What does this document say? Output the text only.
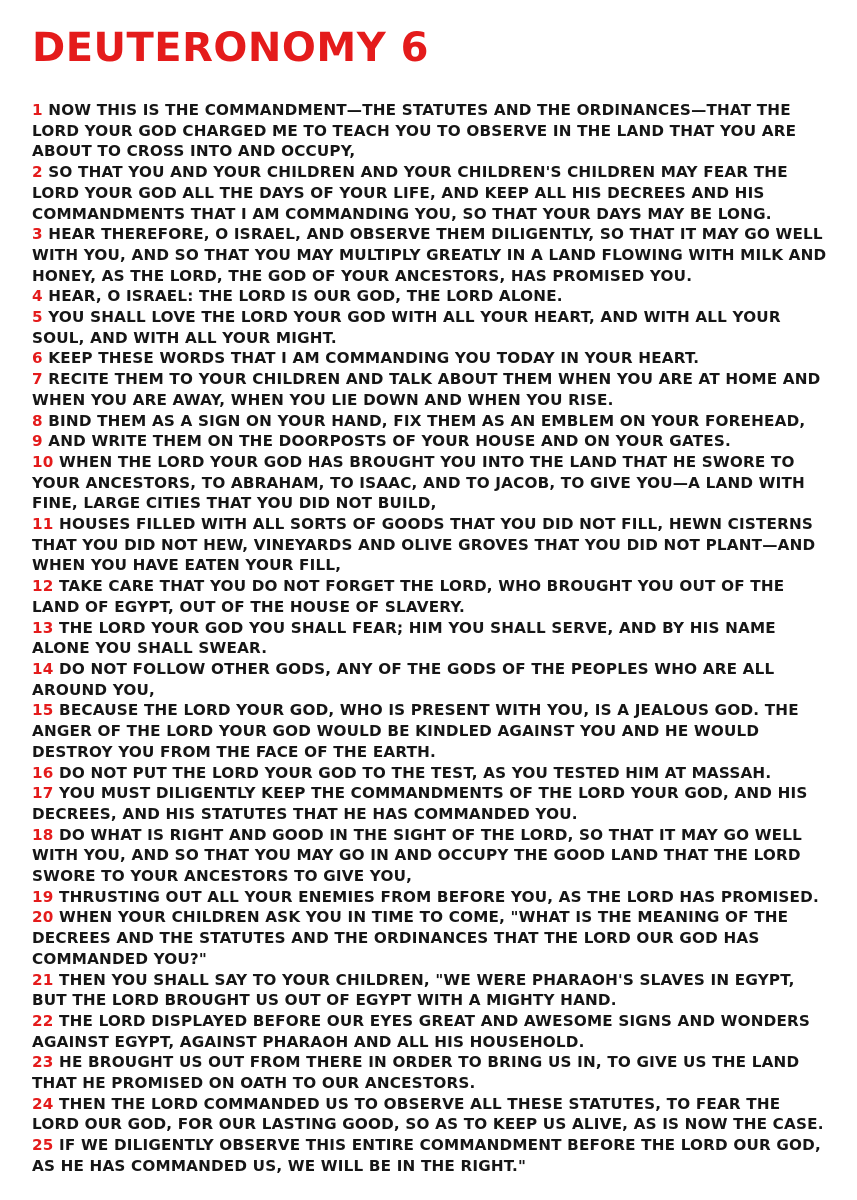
DEUTERONOMY 6
1 NOW THIS IS THE COMMANDMENT—THE STATUTES AND THE ORDINANCES—THAT THE LORD YOUR GOD CHARGED ME TO TEACH YOU TO OBSERVE IN THE LAND THAT YOU ARE ABOUT TO CROSS INTO AND OCCUPY,
2 SO THAT YOU AND YOUR CHILDREN AND YOUR CHILDREN'S CHILDREN MAY FEAR THE LORD YOUR GOD ALL THE DAYS OF YOUR LIFE, AND KEEP ALL HIS DECREES AND HIS COMMANDMENTS THAT I AM COMMANDING YOU, SO THAT YOUR DAYS MAY BE LONG.
3 HEAR THEREFORE, O ISRAEL, AND OBSERVE THEM DILIGENTLY, SO THAT IT MAY GO WELL WITH YOU, AND SO THAT YOU MAY MULTIPLY GREATLY IN A LAND FLOWING WITH MILK AND HONEY, AS THE LORD, THE GOD OF YOUR ANCESTORS, HAS PROMISED YOU.
4 HEAR, O ISRAEL: THE LORD IS OUR GOD, THE LORD ALONE.
5 YOU SHALL LOVE THE LORD YOUR GOD WITH ALL YOUR HEART, AND WITH ALL YOUR SOUL, AND WITH ALL YOUR MIGHT.
6 KEEP THESE WORDS THAT I AM COMMANDING YOU TODAY IN YOUR HEART.
7 RECITE THEM TO YOUR CHILDREN AND TALK ABOUT THEM WHEN YOU ARE AT HOME AND WHEN YOU ARE AWAY, WHEN YOU LIE DOWN AND WHEN YOU RISE.
8 BIND THEM AS A SIGN ON YOUR HAND, FIX THEM AS AN EMBLEM ON YOUR FOREHEAD,
9 AND WRITE THEM ON THE DOORPOSTS OF YOUR HOUSE AND ON YOUR GATES.
10 WHEN THE LORD YOUR GOD HAS BROUGHT YOU INTO THE LAND THAT HE SWORE TO YOUR ANCESTORS, TO ABRAHAM, TO ISAAC, AND TO JACOB, TO GIVE YOU—A LAND WITH FINE, LARGE CITIES THAT YOU DID NOT BUILD,
11 HOUSES FILLED WITH ALL SORTS OF GOODS THAT YOU DID NOT FILL, HEWN CISTERNS THAT YOU DID NOT HEW, VINEYARDS AND OLIVE GROVES THAT YOU DID NOT PLANT—AND WHEN YOU HAVE EATEN YOUR FILL,
12 TAKE CARE THAT YOU DO NOT FORGET THE LORD, WHO BROUGHT YOU OUT OF THE LAND OF EGYPT, OUT OF THE HOUSE OF SLAVERY.
13 THE LORD YOUR GOD YOU SHALL FEAR; HIM YOU SHALL SERVE, AND BY HIS NAME ALONE YOU SHALL SWEAR.
14 DO NOT FOLLOW OTHER GODS, ANY OF THE GODS OF THE PEOPLES WHO ARE ALL AROUND YOU,
15 BECAUSE THE LORD YOUR GOD, WHO IS PRESENT WITH YOU, IS A JEALOUS GOD. THE ANGER OF THE LORD YOUR GOD WOULD BE KINDLED AGAINST YOU AND HE WOULD DESTROY YOU FROM THE FACE OF THE EARTH.
16 DO NOT PUT THE LORD YOUR GOD TO THE TEST, AS YOU TESTED HIM AT MASSAH.
17 YOU MUST DILIGENTLY KEEP THE COMMANDMENTS OF THE LORD YOUR GOD, AND HIS DECREES, AND HIS STATUTES THAT HE HAS COMMANDED YOU.
18 DO WHAT IS RIGHT AND GOOD IN THE SIGHT OF THE LORD, SO THAT IT MAY GO WELL WITH YOU, AND SO THAT YOU MAY GO IN AND OCCUPY THE GOOD LAND THAT THE LORD SWORE TO YOUR ANCESTORS TO GIVE YOU,
19 THRUSTING OUT ALL YOUR ENEMIES FROM BEFORE YOU, AS THE LORD HAS PROMISED.
20 WHEN YOUR CHILDREN ASK YOU IN TIME TO COME, "WHAT IS THE MEANING OF THE DECREES AND THE STATUTES AND THE ORDINANCES THAT THE LORD OUR GOD HAS COMMANDED YOU?"
21 THEN YOU SHALL SAY TO YOUR CHILDREN, "WE WERE PHARAOH'S SLAVES IN EGYPT, BUT THE LORD BROUGHT US OUT OF EGYPT WITH A MIGHTY HAND.
22 THE LORD DISPLAYED BEFORE OUR EYES GREAT AND AWESOME SIGNS AND WONDERS AGAINST EGYPT, AGAINST PHARAOH AND ALL HIS HOUSEHOLD.
23 HE BROUGHT US OUT FROM THERE IN ORDER TO BRING US IN, TO GIVE US THE LAND THAT HE PROMISED ON OATH TO OUR ANCESTORS.
24 THEN THE LORD COMMANDED US TO OBSERVE ALL THESE STATUTES, TO FEAR THE LORD OUR GOD, FOR OUR LASTING GOOD, SO AS TO KEEP US ALIVE, AS IS NOW THE CASE.
25 IF WE DILIGENTLY OBSERVE THIS ENTIRE COMMANDMENT BEFORE THE LORD OUR GOD, AS HE HAS COMMANDED US, WE WILL BE IN THE RIGHT."
